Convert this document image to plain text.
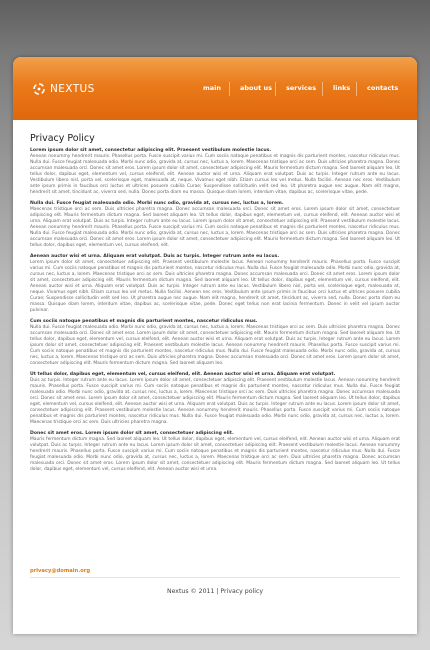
NEXTUS	main	about us services	links	contacts
Privacy Policy
Lorem ipsum dolor sit amet, consectetur adipiscing elit. Praesent vestibulum molestie lacus.
Aenean nonummy hendrerit mauris. Phasellus porta. Fusce suscipit varius mi. Cum sociis natoque penatibus et magnis dis parturient montes, nascetur ridiculus mus. Nulla dui. Fusce feugiat malesuada odio. Morbi nunc odio, gravida at, cursus nec, luctus a, lorem. Maecenas tristique orci ac sem. Duis ultricies pharetra magna. Donec accumsan malesuada orci. Donec sit amet eros. Lorem ipsum dolor sit amet, consectetuer adipiscing elit. Mauris fermentum dictum magna. Sed laoreet aliquam leo. Ut tellus dolor, dapibus eget, elementum vel, cursus eleifend, elit. Aenean auctor wisi et urna. Aliquam erat volutpat. Duis ac turpis. Integer rutrum ante eu lacus. Vestibulum libero nisl, porta vel, scelerisque eget, malesuada at, neque. Vivamus eget nibh. Etiam cursus leo vel metus. Nulla facilisi. Aenean nec eros. Vestibulum ante ipsum primis in faucibus orci luctus et ultrices posuere cubilia Curae; Suspendisse sollicitudin velit sed leo. Ut pharetra augue nec augue. Nam elit magna, hendrerit sit amet, tincidunt ac, viverra sed, nulla. Donec porta diam eu massa. Quisque diam lorem, interdum vitae, dapibus ac, scelerisque vitae, pede.
Nulla dui. Fusce feugiat malesuada odio. Morbi nunc odio, gravida at, cursus nec, luctus a, lorem.
Maecenas tristique orci ac sem. Duis ultricies pharetra magna. Donec accumsan malesuada orci. Donec sit amet eros. Lorem ipsum dolor sit amet, consectetuer adipiscing elit. Mauris fermentum dictum magna. Sed laoreet aliquam leo. Ut tellus dolor, dapibus eget, elementum vel, cursus eleifend, elit. Aenean auctor wisi et urna. Aliquam erat volutpat. Duis ac turpis. Integer rutrum ante eu lacus. Lorem ipsum dolor sit amet, consectetuer adipiscing elit. Praesent vestibulum molestie lacus. Aenean nonummy hendrerit mauris. Phasellus porta. Fusce suscipit varius mi. Cum sociis natoque penatibus et magnis dis parturient montes, nascetur ridiculus mus. Nulla dui. Fusce feugiat malesuada odio. Morbi nunc odio, gravida at, cursus nec, luctus a, lorem. Maecenas tristique orci ac sem. Duis ultricies pharetra magna. Donec accumsan malesuada orci. Donec sit amet eros. Lorem ipsum dolor sit amet, consectetuer adipiscing elit. Mauris fermentum dictum magna. Sed laoreet aliquam leo. Ut tellus dolor, dapibus eget, elementum vel, cursus eleifend, elit.
Aenean auctor wisi et urna. Aliquam erat volutpat. Duis ac turpis. Integer rutrum ante eu lacus.
Lorem ipsum dolor sit amet, consectetuer adipiscing elit. Praesent vestibulum molestie lacus. Aenean nonummy hendrerit mauris. Phasellus porta. Fusce suscipit varius mi. Cum sociis natoque penatibus et magnis dis parturient montes, nascetur ridiculus mus. Nulla dui. Fusce feugiat malesuada odio. Morbi nunc odio, gravida at, cursus nec, luctus a, lorem. Maecenas tristique orci ac sem. Duis ultricies pharetra magna. Donec accumsan malesuada orci. Donec sit amet eros. Lorem ipsum dolor sit amet, consectetuer adipiscing elit. Mauris fermentum dictum magna. Sed laoreet aliquam leo. Ut tellus dolor, dapibus eget, elementum vel, cursus eleifend, elit. Aenean auctor wisi et urna. Aliquam erat volutpat. Duis ac turpis. Integer rutrum ante eu lacus. Vestibulum libero nisl, porta vel, scelerisque eget, malesuada at, neque. Vivamus eget nibh. Etiam cursus leo vel metus. Nulla facilisi. Aenean nec eros. Vestibulum ante ipsum primis in faucibus orci luctus et ultrices posuere cubilia Curae; Suspendisse sollicitudin velit sed leo. Ut pharetra augue nec augue. Nam elit magna, hendrerit sit amet, tincidunt ac, viverra sed, nulla. Donec porta diam eu massa. Quisque diam lorem, interdum vitae, dapibus ac, scelerisque vitae, pede. Donec eget tellus non erat lacinia fermentum. Donec in velit vel ipsum auctor pulvinar.
Cum sociis natoque penatibus et magnis dis parturient montes, nascetur ridiculus mus.
Nulla dui. Fusce feugiat malesuada odio. Morbi nunc odio, gravida at, cursus nec, luctus a, lorem. Maecenas tristique orci ac sem. Duis ultricies pharetra magna. Donec accumsan malesuada orci. Donec sit amet eros. Lorem ipsum dolor sit amet, consectetuer adipiscing elit. Mauris fermentum dictum magna. Sed laoreet aliquam leo. Ut tellus dolor, dapibus eget, elementum vel, cursus eleifend, elit. Aenean auctor wisi et urna. Aliquam erat volutpat. Duis ac turpis. Integer rutrum ante eu lacus. Lorem ipsum dolor sit amet, consectetuer adipiscing elit. Praesent vestibulum molestie lacus. Aenean nonummy hendrerit mauris. Phasellus porta. Fusce suscipit varius mi. Cum sociis natoque penatibus et magnis dis parturient montes, nascetur ridiculus mus. Nulla dui. Fusce feugiat malesuada odio. Morbi nunc odio, gravida at, cursus nec, luctus a, lorem. Maecenas tristique orci ac sem. Duis ultricies pharetra magna. Donec accumsan malesuada orci. Donec sit amet eros. Lorem ipsum dolor sit amet, consectetuer adipiscing elit. Mauris fermentum dictum magna. Sed laoreet aliquam leo.
Ut tellus dolor, dapibus eget, elementum vel, cursus eleifend, elit. Aenean auctor wisi et urna. Aliquam erat volutpat.
Duis ac turpis. Integer rutrum ante eu lacus. Lorem ipsum dolor sit amet, consectetuer adipiscing elit. Praesent vestibulum molestie lacus. Aenean nonummy hendrerit mauris. Phasellus porta. Fusce suscipit varius mi. Cum sociis natoque penatibus et magnis dis parturient montes, nascetur ridiculus mus. Nulla dui. Fusce feugiat malesuada odio. Morbi nunc odio, gravida at, cursus nec, luctus a, lorem. Maecenas tristique orci ac sem. Duis ultricies pharetra magna. Donec accumsan malesuada orci. Donec sit amet eros. Lorem ipsum dolor sit amet, consectetuer adipiscing elit. Mauris fermentum dictum magna. Sed laoreet aliquam leo. Ut tellus dolor, dapibus eget, elementum vel, cursus eleifend, elit. Aenean auctor wisi et urna. Aliquam erat volutpat. Duis ac turpis. Integer rutrum ante eu lacus. Lorem ipsum dolor sit amet, consectetuer adipiscing elit. Praesent vestibulum molestie lacus. Aenean nonummy hendrerit mauris. Phasellus porta. Fusce suscipit varius mi. Cum sociis natoque penatibus et magnis dis parturient montes, nascetur ridiculus mus. Nulla dui. Fusce feugiat malesuada odio. Morbi nunc odio, gravida at, cursus nec, luctus a, lorem. Maecenas tristique orci ac sem. Duis ultricies pharetra magna.
Donec sit amet eros. Lorem ipsum dolor sit amet, consectetuer adipiscing elit.
Mauris fermentum dictum magna. Sed laoreet aliquam leo. Ut tellus dolor, dapibus eget, elementum vel, cursus eleifend, elit. Aenean auctor wisi et urna. Aliquam erat volutpat. Duis ac turpis. Integer rutrum ante eu lacus. Lorem ipsum dolor sit amet, consectetuer adipiscing elit. Praesent vestibulum molestie lacus. Aenean nonummy hendrerit mauris. Phasellus porta. Fusce suscipit varius mi. Cum sociis natoque penatibus et magnis dis parturient montes, nascetur ridiculus mus. Nulla dui. Fusce feugiat malesuada odio. Morbi nunc odio, gravida at, cursus nec, luctus a, lorem. Maecenas tristique orci ac sem. Duis ultricies pharetra magna. Donec accumsan malesuada orci. Donec sit amet eros. Lorem ipsum dolor sit amet, consectetuer adipiscing elit. Mauris fermentum dictum magna. Sed laoreet aliquam leo. Ut tellus dolor, dapibus eget, elementum vel, cursus eleifend, elit. Aenean auctor wisi et urna.
privacy@domain.org
Nextus © 2011 | Privacy policy
